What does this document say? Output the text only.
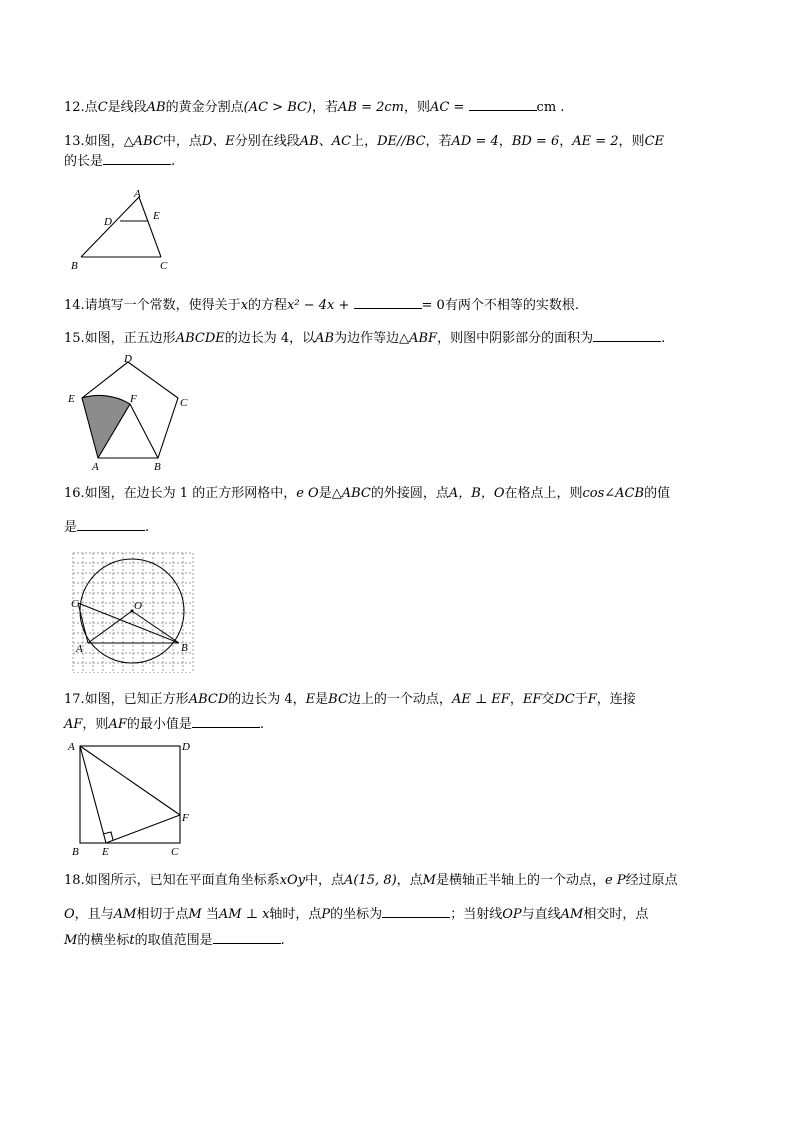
12.点C是线段AB的黄金分割点(AC > BC)，若AB = 2cm，则AC =	cm .
13.如图，△ABC中，点D、E分别在线段AB、AC上，DE//BC，若AD = 4，BD = 6，AE = 2，则CE
的长是	.
A
D	E
B	C
14.请填写一个常数，使得关于x的方程x² − 4x +	= 0有两个不相等的实数根.
15.如图，正五边形ABCDE的边长为 4，以AB为边作等边△ABF，则图中阴影部分的面积为	.
D
C
E	F
A	B
16.如图，在边长为 1 的正方形网格中，e O是△ABC的外接圆，点A，B，O在格点上，则cos∠ACB的值
是	.
C	O
A	B
17.如图，已知正方形ABCD的边长为 4，E是BC边上的一个动点，AE ⊥ EF，EF交DC于F，连接
AF，则AF的最小值是	.
A	D
F
B E	C
18.如图所示，已知在平面直角坐标系xOy中，点A(15, 8)，点M是横轴正半轴上的一个动点，e P经过原点
O，且与AM相切于点M 当AM ⊥ x轴时，点P的坐标为	；当射线OP与直线AM相交时，点
M的横坐标t的取值范围是	.
